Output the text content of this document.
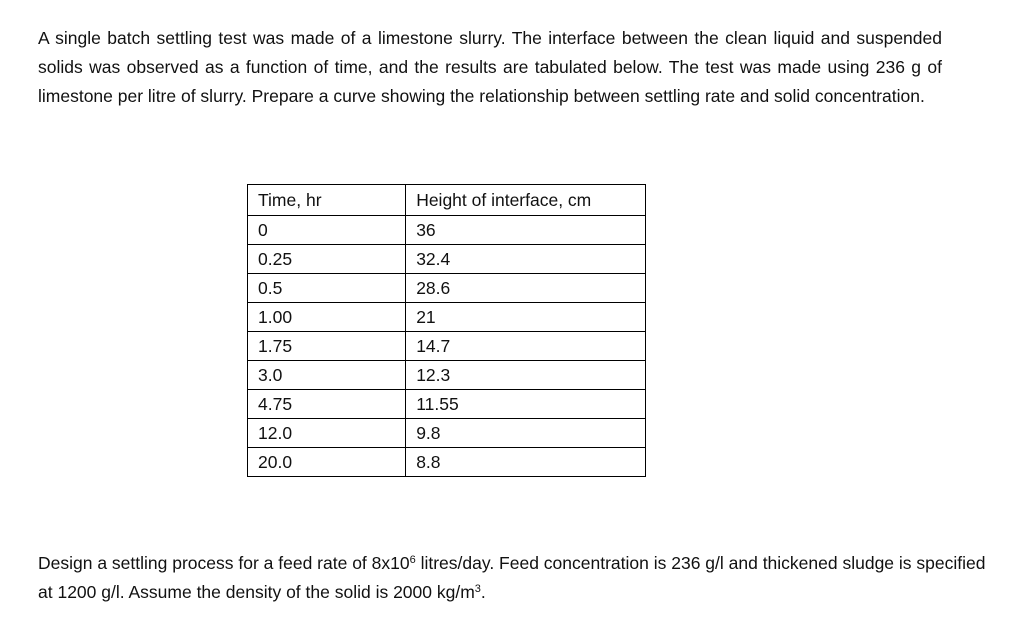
A single batch settling test was made of a limestone slurry. The interface between the clean liquid and suspended solids was observed as a function of time, and the results are tabulated below. The test was made using 236 g of limestone per litre of slurry. Prepare a curve showing the relationship between settling rate and solid concentration.

Time, hr	Height of interface, cm
0	36
0.25	32.4
0.5	28.6
1.00	21
1.75	14.7
3.0	12.3
4.75	11.55
12.0	9.8
20.0	8.8

Design a settling process for a feed rate of $8x10^6$ litres/day. Feed concentration is 236 g/l and thickened sludge is specified at 1200 g/l. Assume the density of the solid is 2000 $kg/m^3$.
